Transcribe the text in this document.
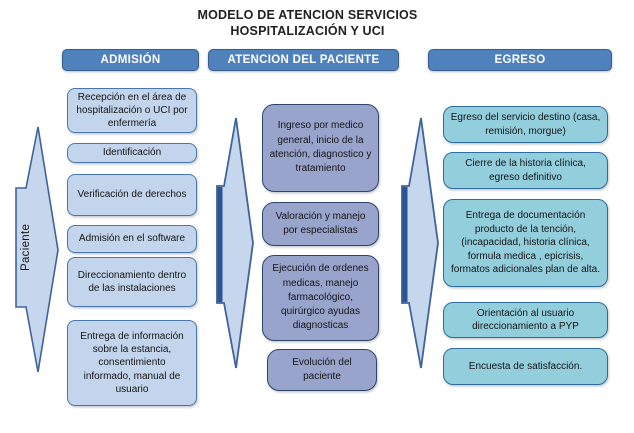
MODELO DE ATENCION SERVICIOS
HOSPITALIZACIÓN Y UCI
ADMISIÓN	ATENCION DEL PACIENTE	EGRESO
Paciente
Recepción en el área de hospitalización o UCI por enfermería
Identificación
Verificación de derechos
Admisión en el software
Direccionamiento dentro de las instalaciones
Entrega de información sobre la estancia, consentimiento informado, manual de usuario
Ingreso por medico general, inicio de la atención, diagnostico y tratamiento
Valoración y manejo por especialistas
Ejecución de ordenes medicas, manejo farmacológico, quirúrgico ayudas diagnosticas
Evolución del paciente
Egreso del servicio destino (casa, remisión, morgue)
Cierre de la historia clínica, egreso definitivo
Entrega de documentación producto de la tención, (incapacidad, historia clínica, formula medica , epicrisis, formatos adicionales plan de alta.
Orientación al usuario direccionamiento a PYP
Encuesta de satisfacción.
